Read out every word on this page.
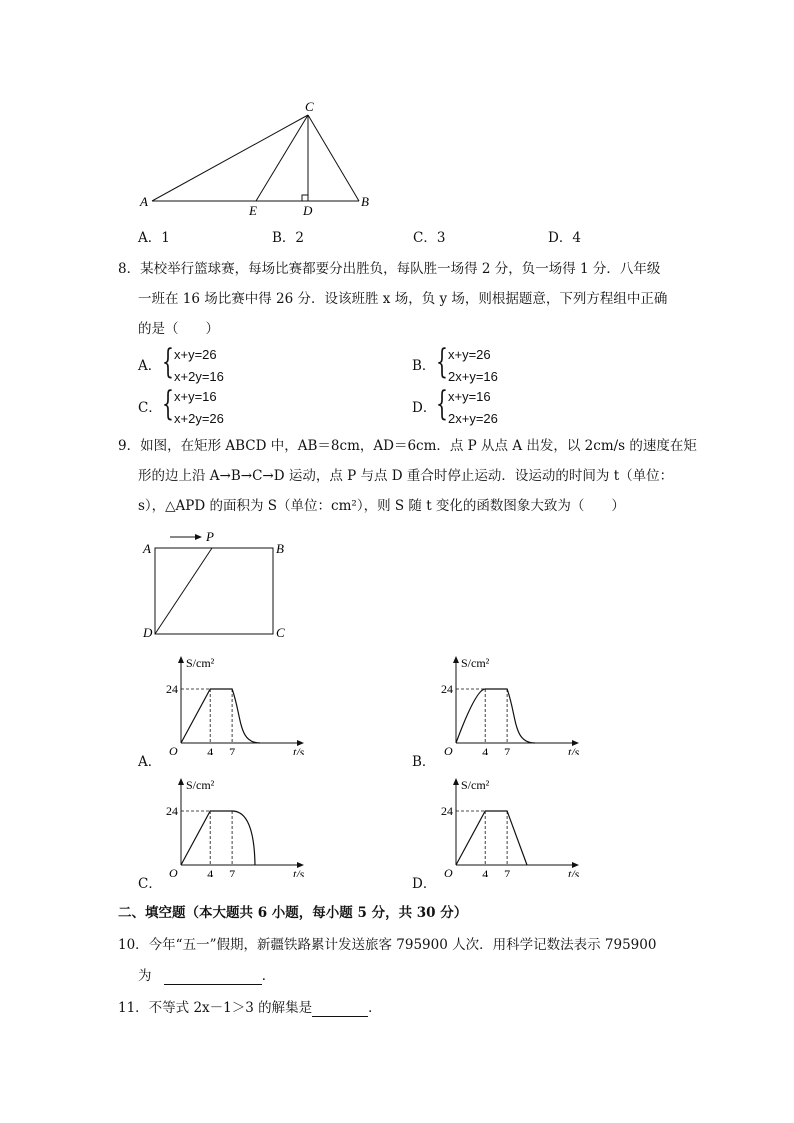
A	B
C
D
E
A．1	B．2	C．3	D．4
8．某校举行篮球赛，每场比赛都要分出胜负，每队胜一场得 2 分，负一场得 1 分．八年级
一班在 16 场比赛中得 26 分．设该班胜 x 场，负 y 场，则根据题意，下列方程组中正确
的是（　　）
A． { x+y=26
x+2y=16
B． { x+y=26
2x+y=16
C． { x+y=16
x+2y=26
D． { x+y=16
2x+y=26
9．如图，在矩形 ABCD 中，AB＝8cm，AD＝6cm．点 P 从点 A 出发，以 2cm/s 的速度在矩
形的边上沿 A→B→C→D 运动，点 P 与点 D 重合时停止运动．设运动的时间为 t（单位：
s），△APD 的面积为 S（单位：cm²），则 S 随 t 变化的函数图象大致为（　　）
A
P
B
D	C
24
4 7
O
S/cm²
t/s
A．
24
4 7
O
S/cm²
t/s
B．
24
4 7
O
S/cm²
t/s
C．
24
4 7
O
S/cm²
t/s
D．
二、填空题（本大题共 6 小题，每小题 5 分，共 30 分）
10．今年“五一”假期，新疆铁路累计发送旅客 795900 人次．用科学记数法表示 795900
为	．
11．不等式 2x－1＞3 的解集是	．
